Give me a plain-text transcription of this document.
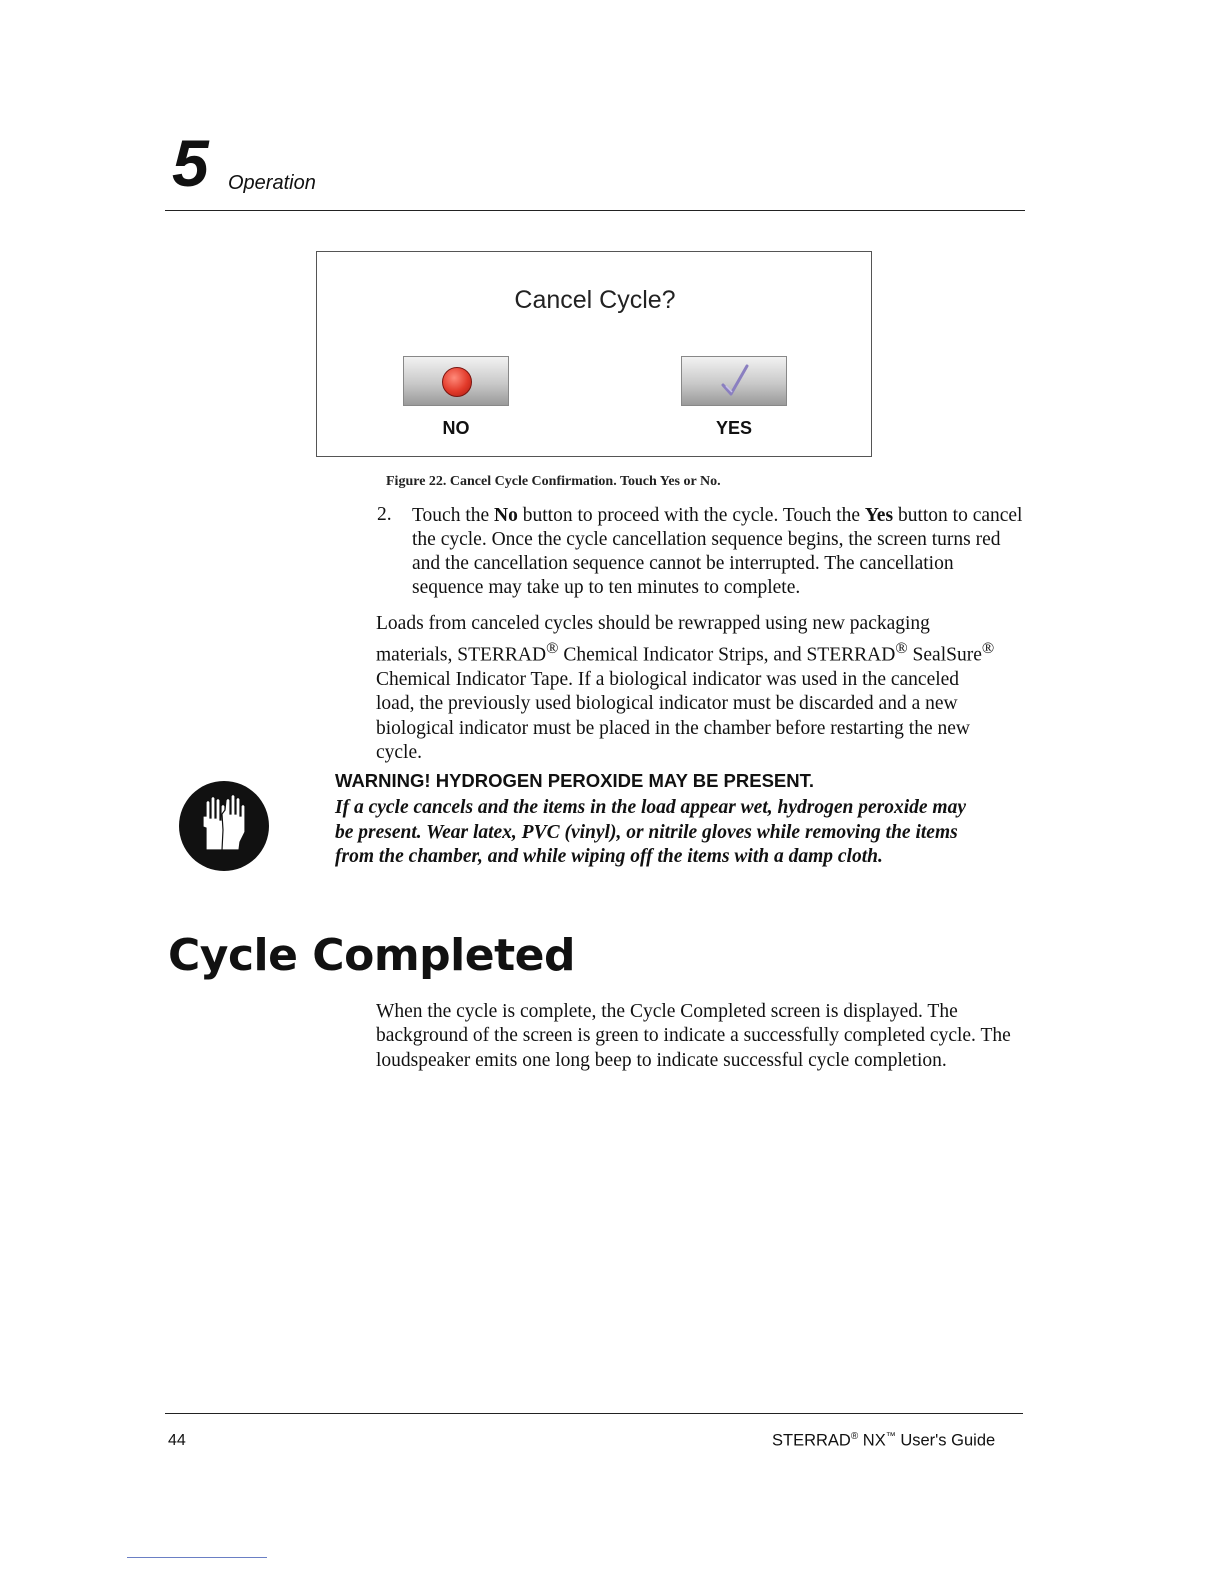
5 Operation
Cancel Cycle?
NO	YES
Figure 22. Cancel Cycle Confirmation. Touch Yes or No.
2. Touch the No button to proceed with the cycle. Touch the Yes button to cancel the cycle. Once the cycle cancellation sequence begins, the screen turns red and the cancellation sequence cannot be interrupted. The cancellation sequence may take up to ten minutes to complete.
Loads from canceled cycles should be rewrapped using new packaging materials, STERRAD® Chemical Indicator Strips, and STERRAD® SealSure® Chemical Indicator Tape. If a biological indicator was used in the canceled load, the previously used biological indicator must be discarded and a new biological indicator must be placed in the chamber before restarting the new cycle.
WARNING! HYDROGEN PEROXIDE MAY BE PRESENT.
If a cycle cancels and the items in the load appear wet, hydrogen peroxide may be present. Wear latex, PVC (vinyl), or nitrile gloves while removing the items from the chamber, and while wiping off the items with a damp cloth.
Cycle Completed
When the cycle is complete, the Cycle Completed screen is displayed. The background of the screen is green to indicate a successfully completed cycle. The loudspeaker emits one long beep to indicate successful cycle completion.
44	STERRAD® NX™ User's Guide
